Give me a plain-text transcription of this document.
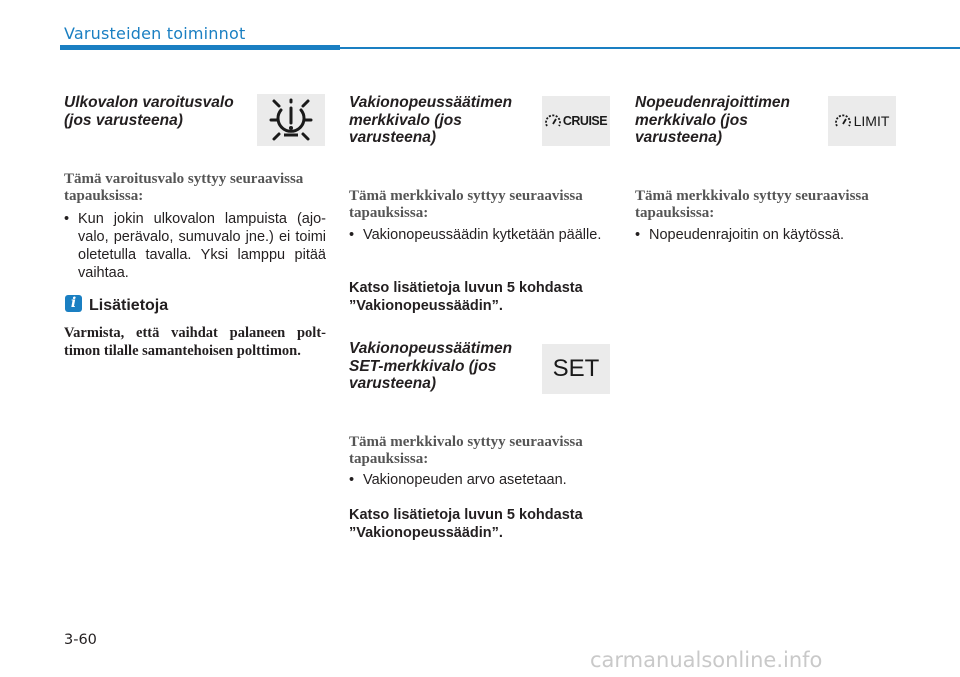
Varusteiden toiminnot
Ulkovalon varoitusvalo (jos varusteena)
Tämä varoitusvalo syttyy seuraavissa tapauksissa:
• Kun jokin ulkovalon lampuista (ajo-valo, perävalo, sumuvalo jne.) ei toimi oletetulla tavalla. Yksi lamppu pitää vaihtaa.
i Lisätietoja
Varmista, että vaihdat palaneen polt-timon tilalle samantehoisen polttimon.
Vakionopeussäätimen merkkivalo (jos varusteena)
CRUISE
Tämä merkkivalo syttyy seuraavissa tapauksissa:
• Vakionopeussäädin kytketään päälle.
Katso lisätietoja luvun 5 kohdasta ”Vakionopeussäädin”.
Vakionopeussäätimen SET-merkkivalo (jos varusteena)
SET
Tämä merkkivalo syttyy seuraavissa tapauksissa:
• Vakionopeuden arvo asetetaan.
Katso lisätietoja luvun 5 kohdasta ”Vakionopeussäädin”.
Nopeudenrajoittimen merkkivalo (jos varusteena)
LIMIT
Tämä merkkivalo syttyy seuraavissa tapauksissa:
• Nopeudenrajoitin on käytössä.
3-60
carmanualsonline.info
